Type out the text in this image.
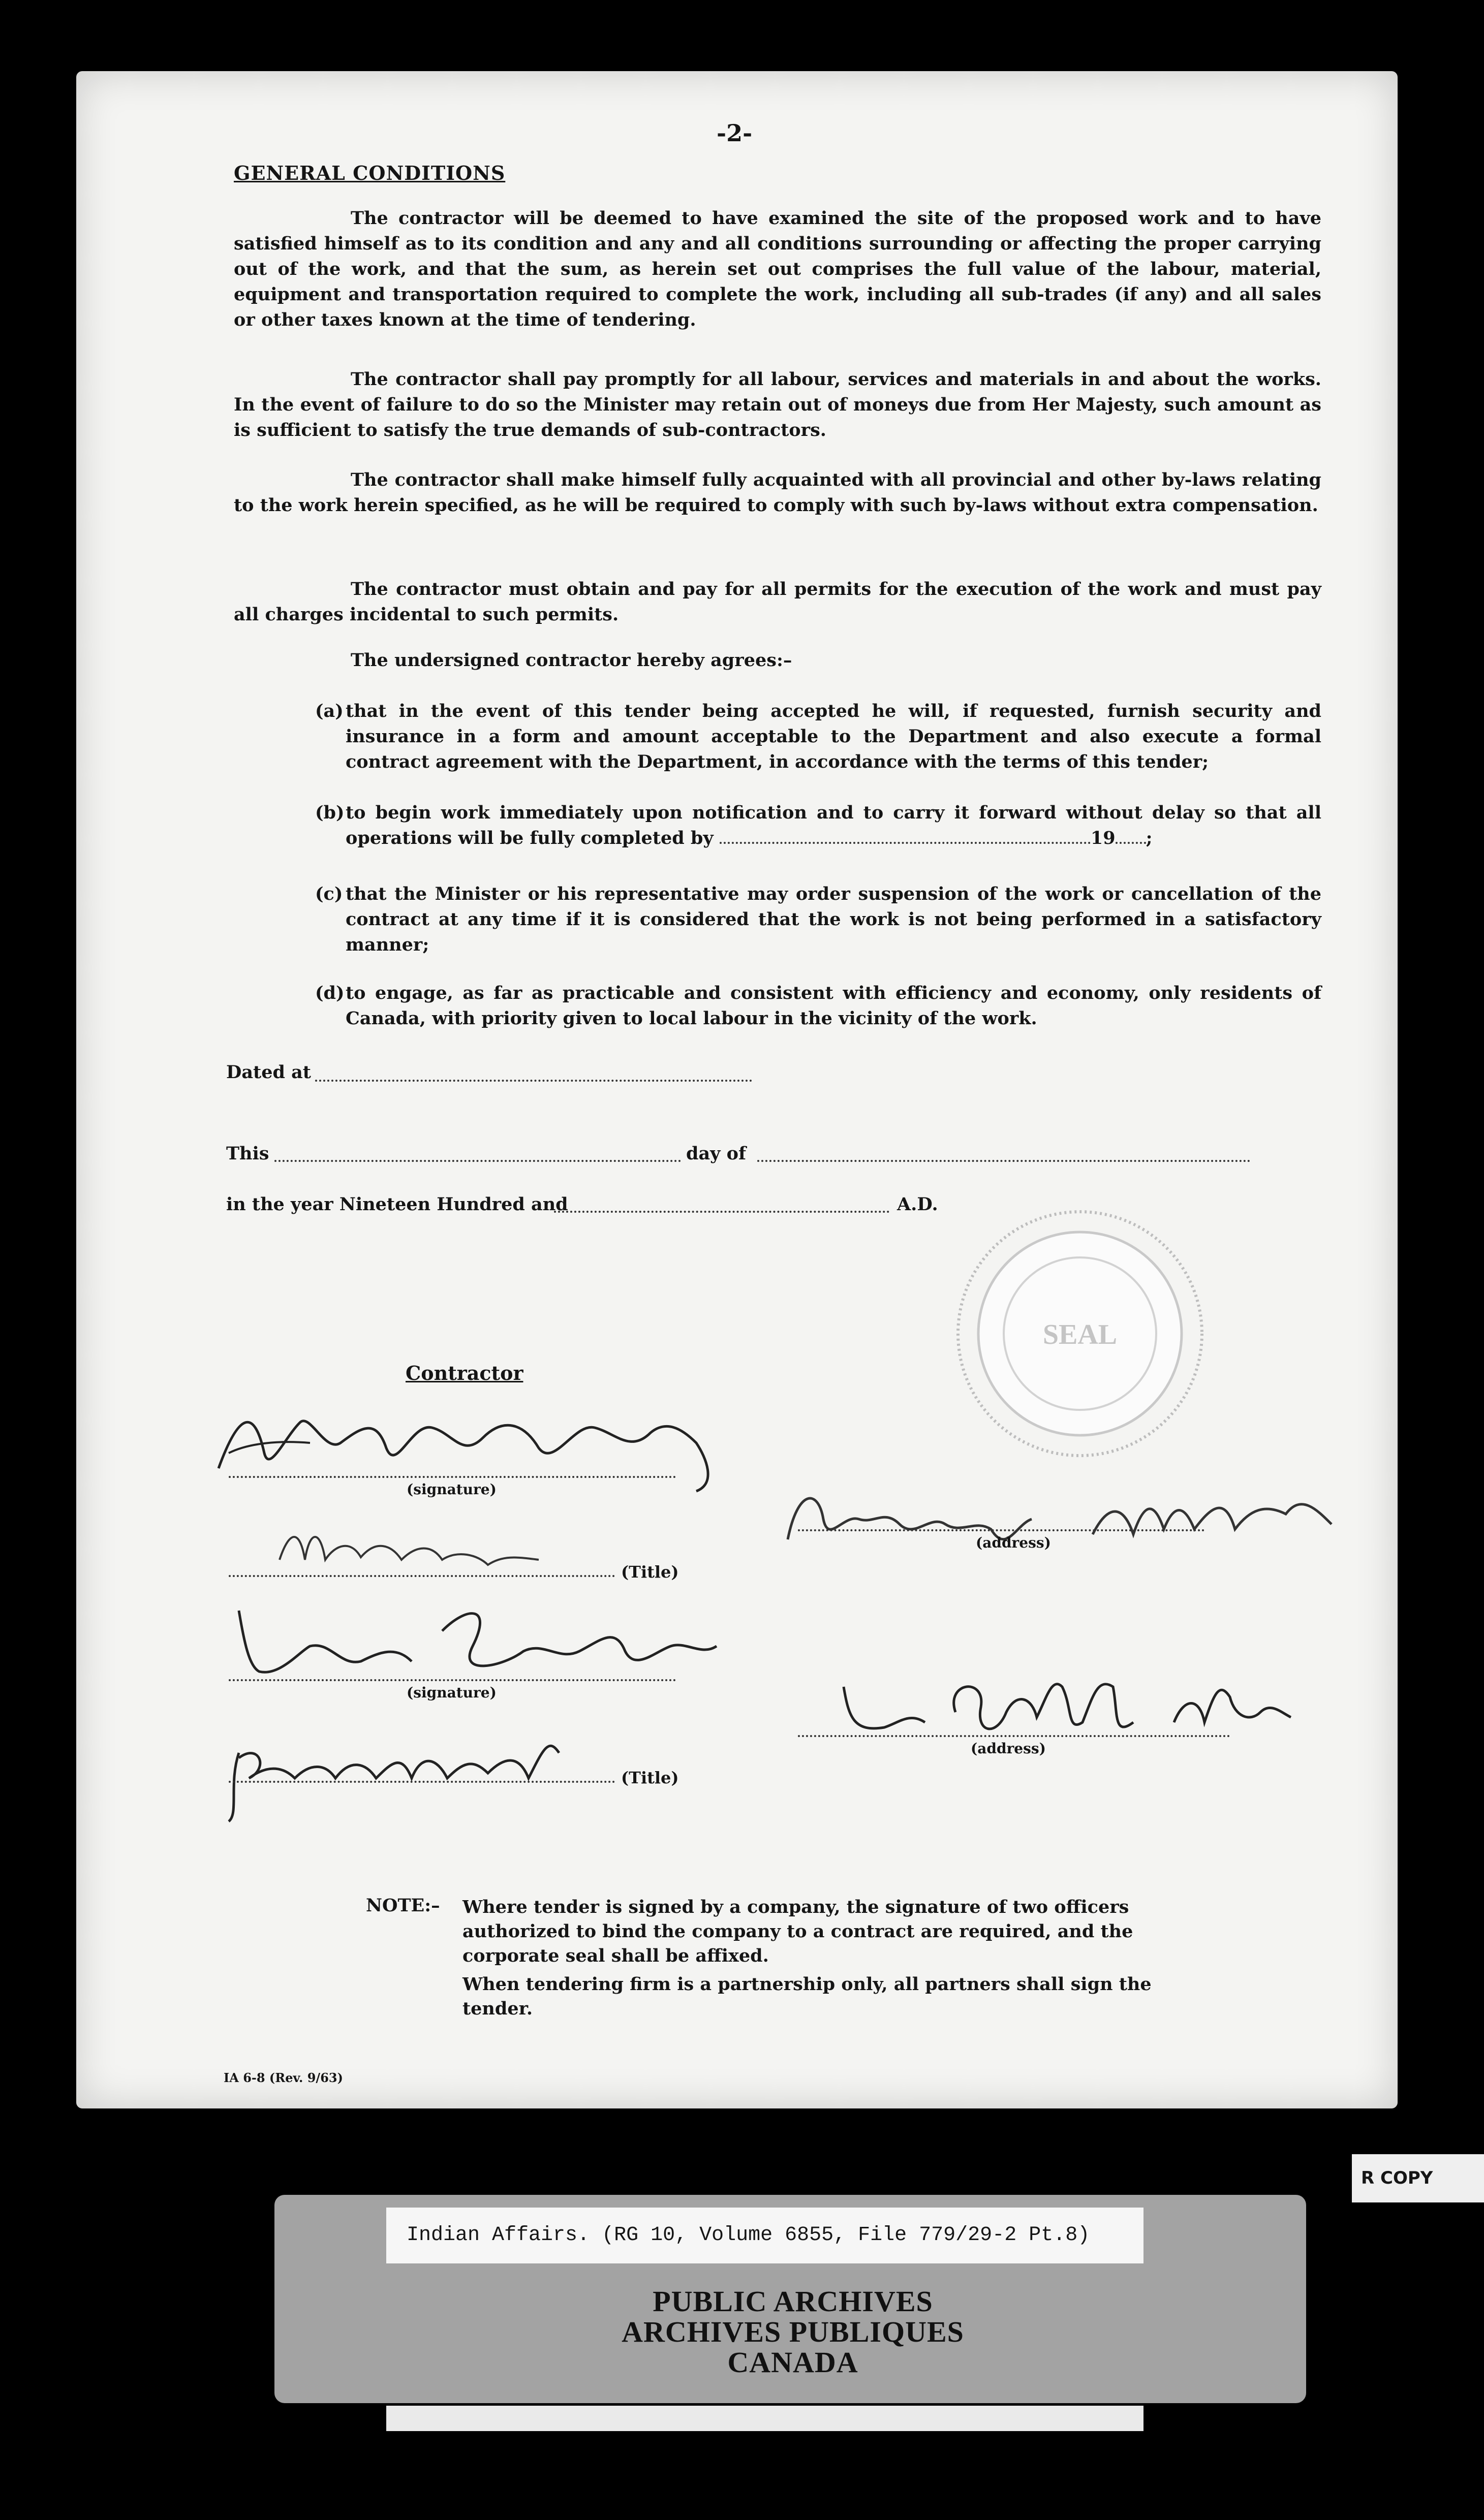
-2-
GENERAL CONDITIONS

The contractor will be deemed to have examined the site of the proposed work and to have satisfied himself as to its condition and any and all conditions surrounding or affecting the proper carrying out of the work, and that the sum, as herein set out comprises the full value of the labour, material, equipment and transportation required to complete the work, including all sub-trades (if any) and all sales or other taxes known at the time of tendering.

The contractor shall pay promptly for all labour, services and materials in and about the works. In the event of failure to do so the Minister may retain out of moneys due from Her Majesty, such amount as is sufficient to satisfy the true demands of sub-contractors.

The contractor shall make himself fully acquainted with all provincial and other by-laws relating to the work herein specified, as he will be required to comply with such by-laws without extra compensation.

The contractor must obtain and pay for all permits for the execution of the work and must pay all charges incidental to such permits.

The undersigned contractor hereby agrees:–

(a) that in the event of this tender being accepted he will, if requested, furnish security and insurance in a form and amount acceptable to the Department and also execute a formal contract agreement with the Department, in accordance with the terms of this tender;

(b) to begin work immediately upon notification and to carry it forward without delay so that all operations will be fully completed by	19 ;

(c) that the Minister or his representative may order suspension of the work or cancellation of the contract at any time if it is considered that the work is not being performed in a satisfactory manner;

(d) to engage, as far as practicable and consistent with efficiency and economy, only residents of Canada, with priority given to local labour in the vicinity of the work.

Dated at
This	day of
in the year Nineteen Hundred and	A.D.
SEAL
Contractor
(signature)
(Title)
(address)
(signature)
(address)
(Title)
NOTE:– Where tender is signed by a company, the signature of two officers authorized to bind the company to a contract are required, and the corporate seal shall be affixed.

When tendering firm is a partnership only, all partners shall sign the tender.

IA 6-8 (Rev. 9/63)
R COPY
Indian Affairs. (RG 10, Volume 6855, File 779/29-2 Pt.8)
PUBLIC ARCHIVES
ARCHIVES PUBLIQUES
CANADA
